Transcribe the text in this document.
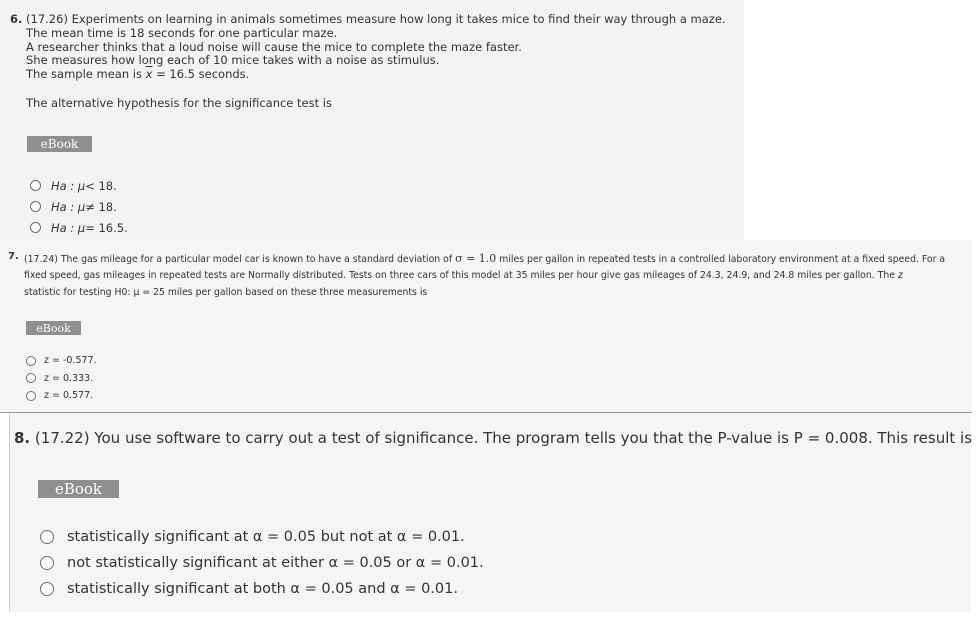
6. (17.26) Experiments on learning in animals sometimes measure how long it takes mice to find their way through a maze.
The mean time is 18 seconds for one particular maze.
A researcher thinks that a loud noise will cause the mice to complete the maze faster.
She measures how long each of 10 mice takes with a noise as stimulus.
The sample mean is $\overline{x} = 16.5$ seconds.
The alternative hypothesis for the significance test is
eBook
Ha : μ < 18.
Ha : μ ≠ 18.
Ha : μ = 16.5.
7. (17.24) The gas mileage for a particular model car is known to have a standard deviation of σ = 1.0 miles per gallon in repeated tests in a controlled laboratory environment at a fixed speed. For a
fixed speed, gas mileages in repeated tests are Normally distributed. Tests on three cars of this model at 35 miles per hour give gas mileages of 24.3, 24.9, and 24.8 miles per gallon. The z
statistic for testing H0: μ = 25 miles per gallon based on these three measurements is
eBook
z = -0.577.
z = 0.333.
z = 0.577.
8. (17.22) You use software to carry out a test of significance. The program tells you that the P-value is P = 0.008. This result is
eBook
statistically significant at α = 0.05 but not at α = 0.01.
not statistically significant at either α = 0.05 or α = 0.01.
statistically significant at both α = 0.05 and α = 0.01.
